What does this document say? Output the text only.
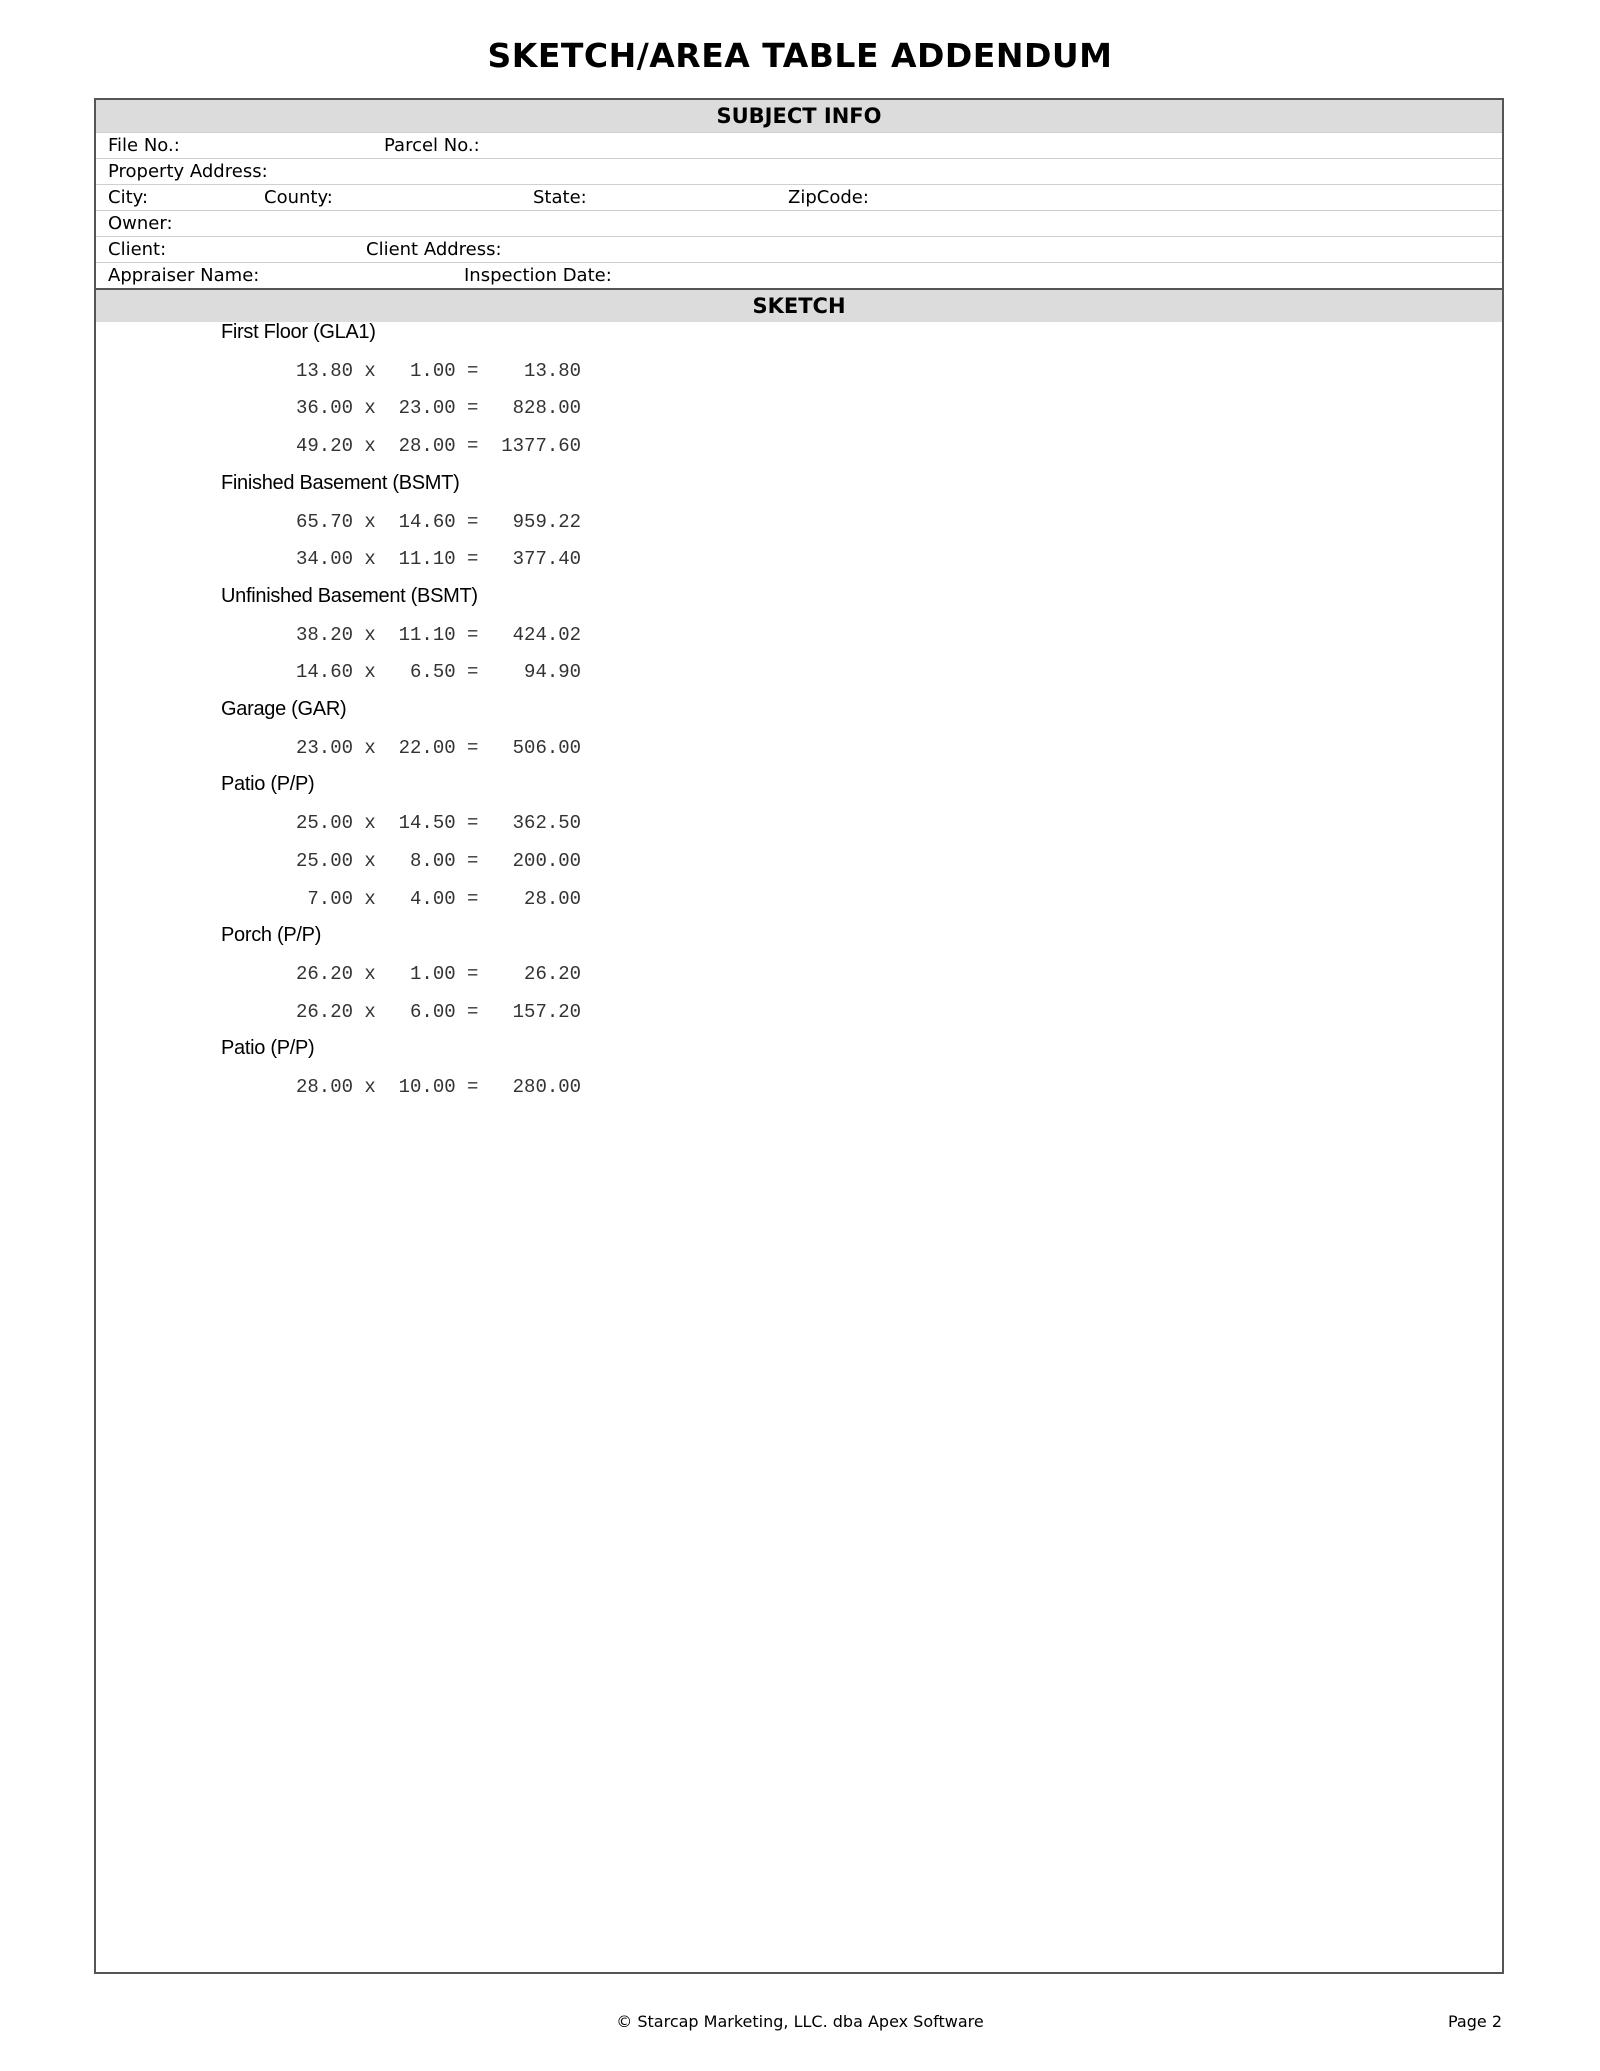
SKETCH/AREA TABLE ADDENDUM
SUBJECT INFO
File No.:	Parcel No.:
Property Address:
City:	County:	State:	ZipCode:
Owner:
Client:	Client Address:
Appraiser Name:	Inspection Date:
SKETCH
First Floor (GLA1)
13.80 x   1.00 =    13.80
36.00 x  23.00 =   828.00
49.20 x  28.00 =  1377.60
Finished Basement (BSMT)
65.70 x  14.60 =   959.22
34.00 x  11.10 =   377.40
Unfinished Basement (BSMT)
38.20 x  11.10 =   424.02
14.60 x   6.50 =    94.90
Garage (GAR)
23.00 x  22.00 =   506.00
Patio (P/P)
25.00 x  14.50 =   362.50
25.00 x   8.00 =   200.00
7.00 x   4.00 =    28.00
Porch (P/P)
26.20 x   1.00 =    26.20
26.20 x   6.00 =   157.20
Patio (P/P)
28.00 x  10.00 =   280.00
© Starcap Marketing, LLC. dba Apex Software	Page 2
